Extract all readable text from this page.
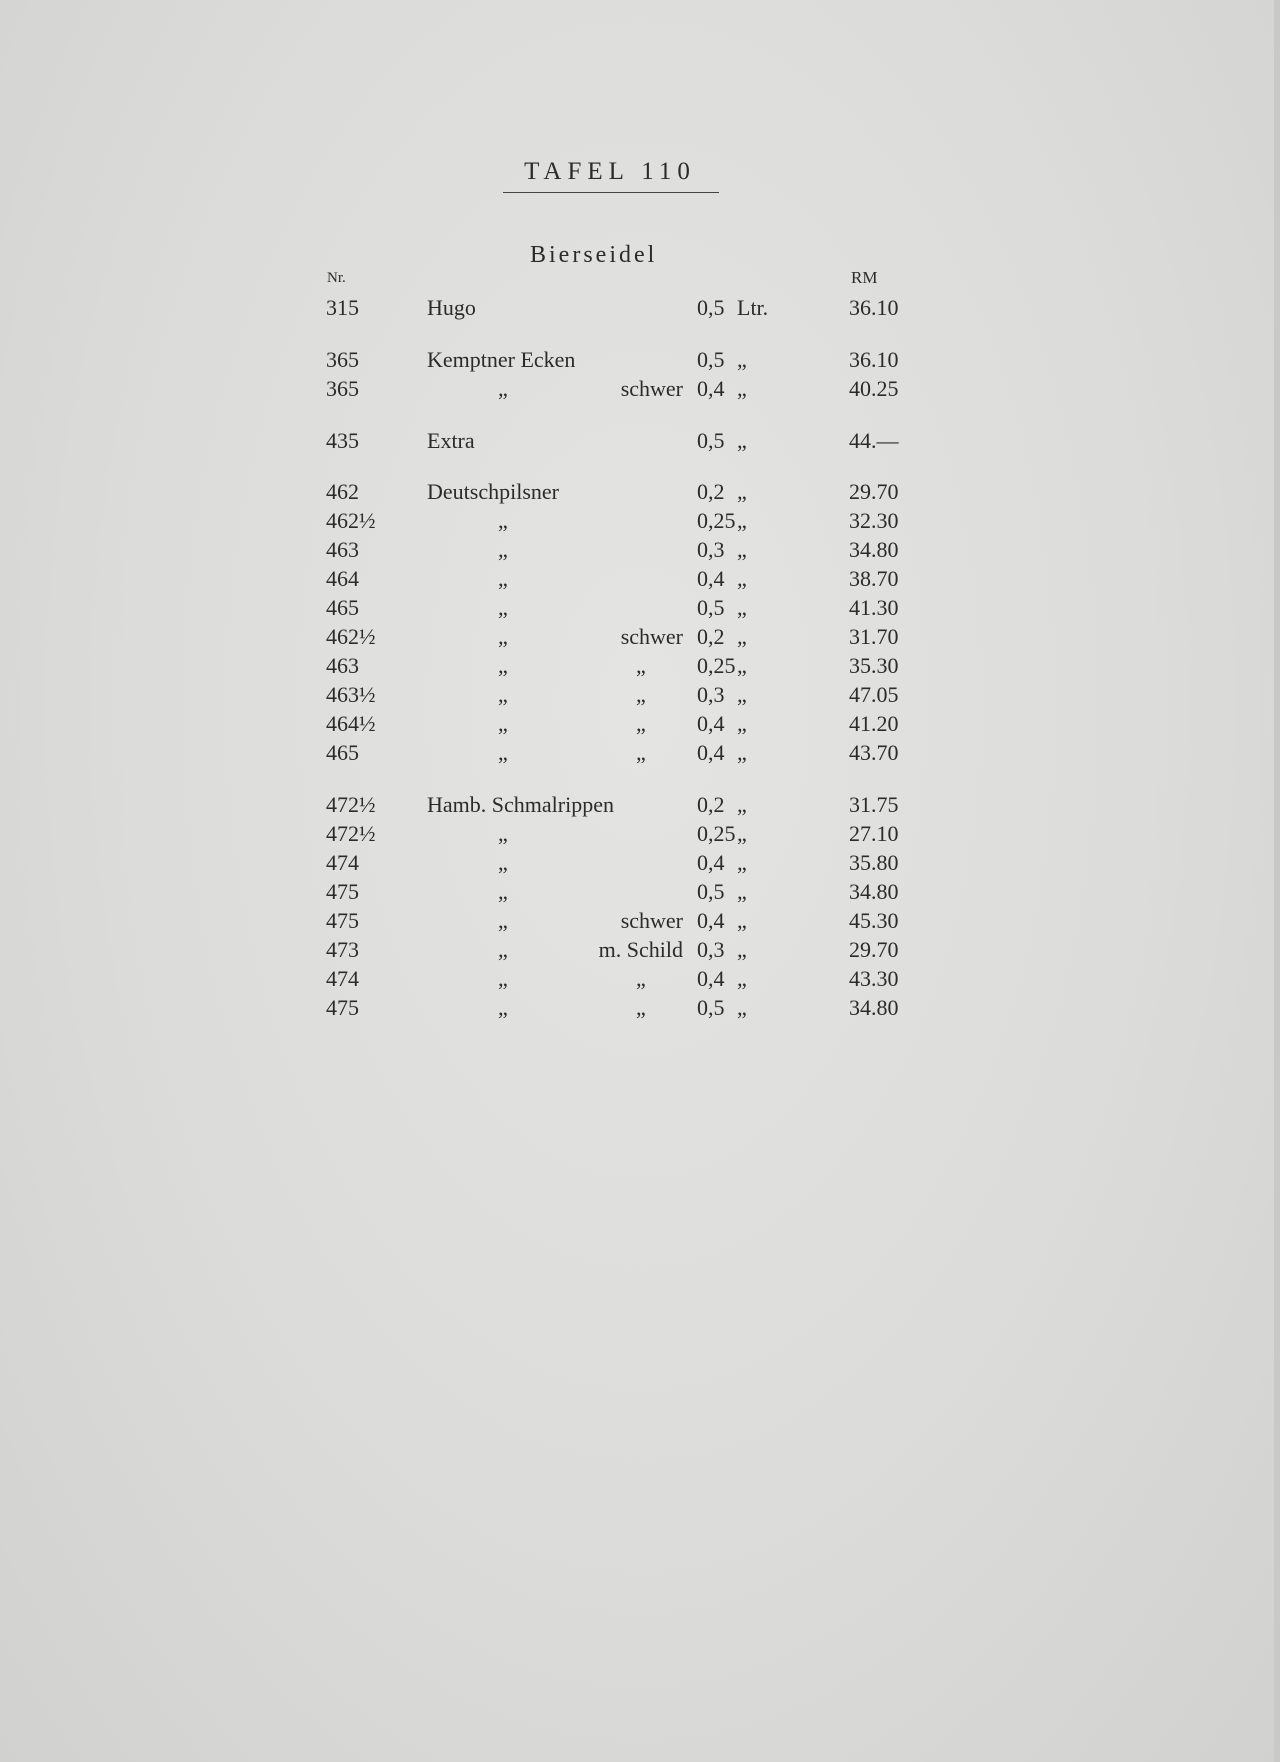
TAFEL 110
Bierseidel
Nr.	RM
315	Hugo	0,5 Ltr.	36.10
365	Kemptner Ecken	0,5 „	36.10
365	„	schwer 0,4 „	40.25
435	Extra	0,5 „	44.—
462	Deutschpilsner	0,2 „	29.70
462½	„	0,25 „	32.30
463	„	0,3 „	34.80
464	„	0,4 „	38.70
465	„	0,5 „	41.30
462½	„	schwer 0,2 „	31.70
463	„	„ 0,25 „	35.30
463½	„	„ 0,3 „	47.05
464½	„	„ 0,4 „	41.20
465	„	„ 0,4 „	43.70
472½ Hamb. Schmalrippen	0,2 „	31.75
472½	„	0,25 „	27.10
474	„	0,4 „	35.80
475	„	0,5 „	34.80
475	„	schwer 0,4 „	45.30
473	„	m. Schild 0,3 „	29.70
474	„	„ 0,4 „	43.30
475	„	„ 0,5 „	34.80
